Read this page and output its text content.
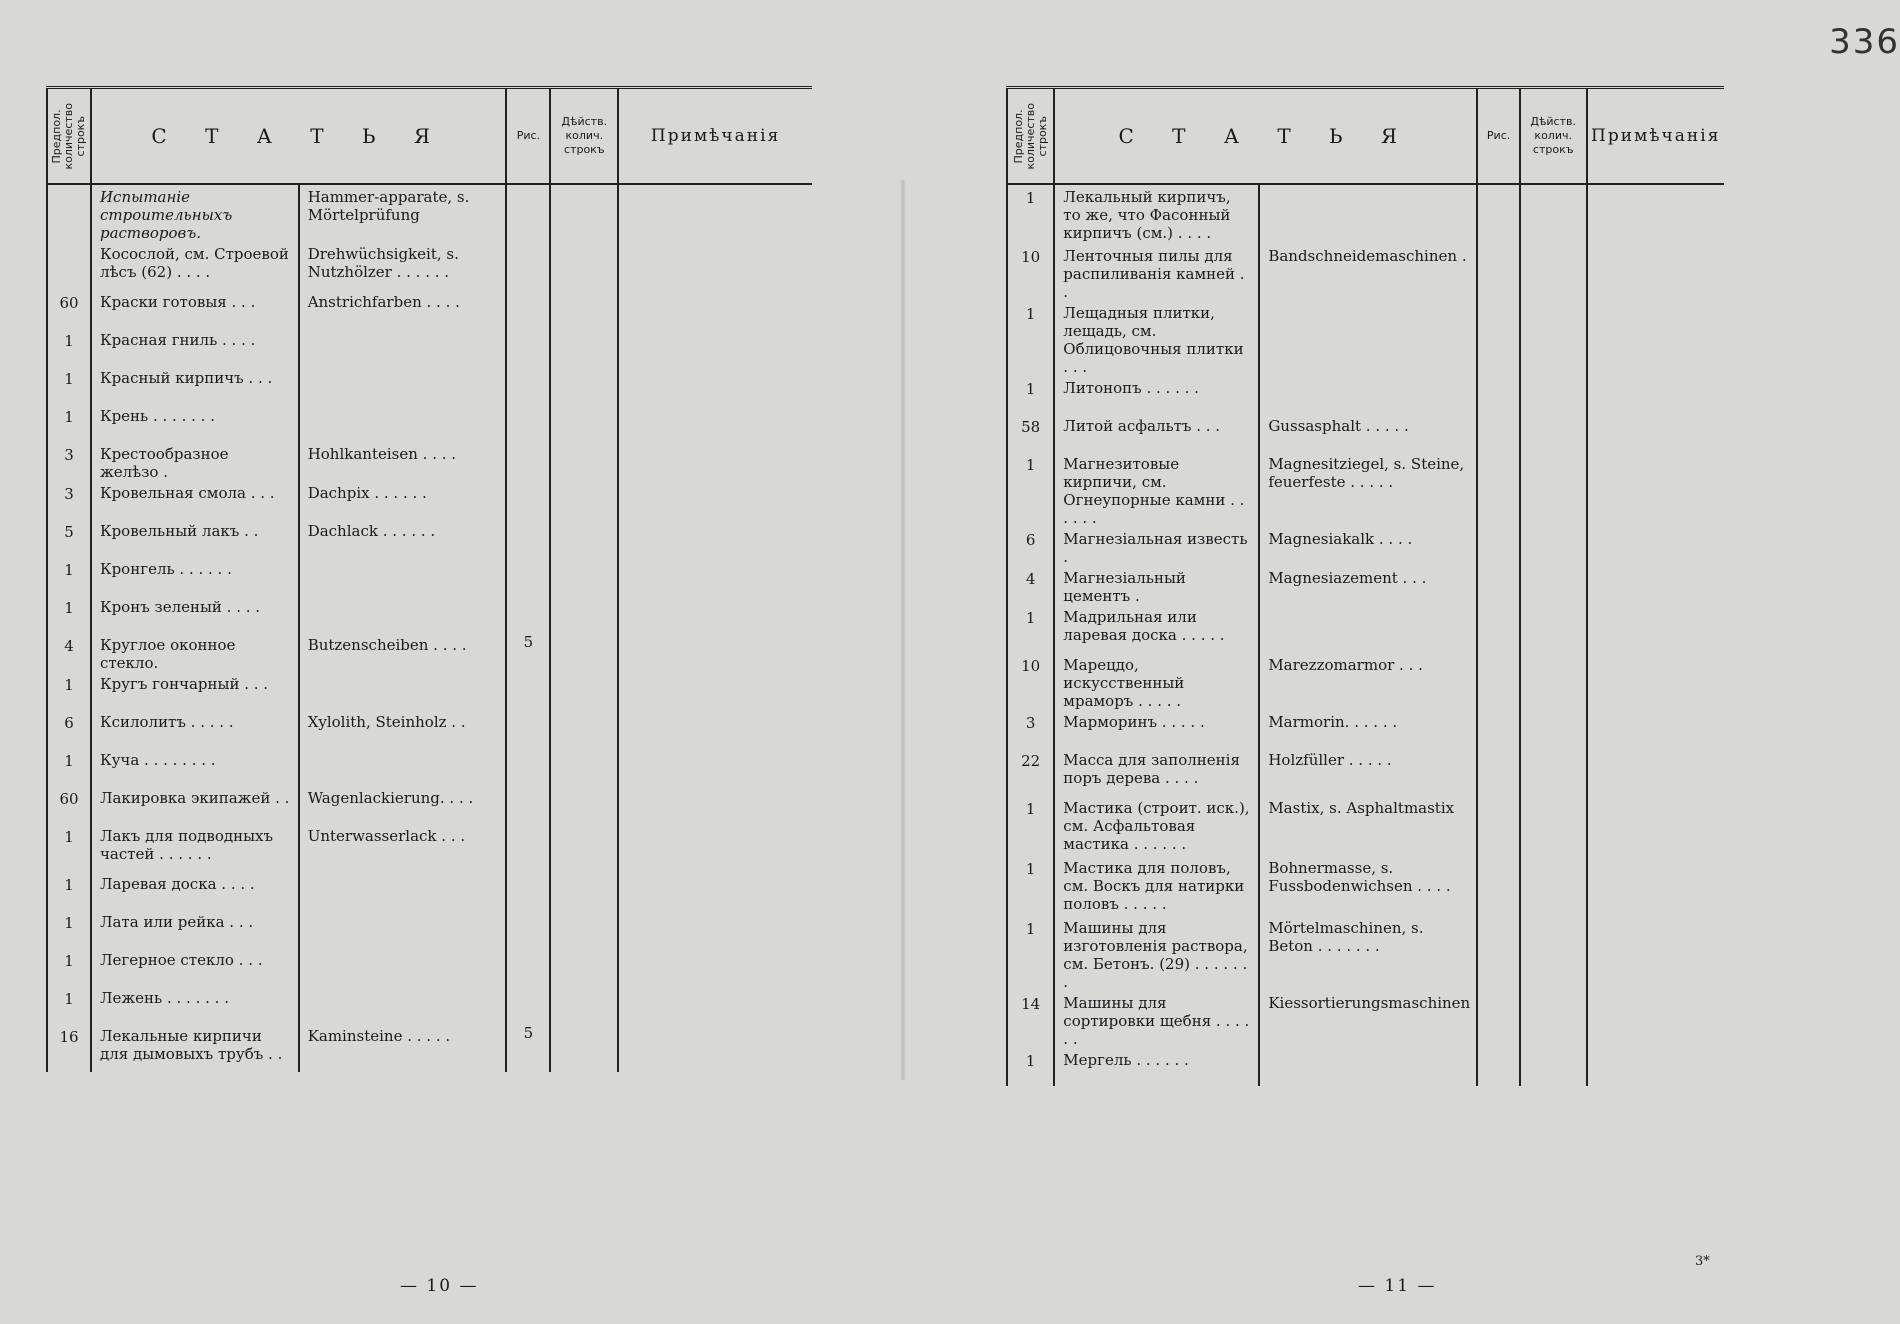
336
Предпол.
количество
строкъ	С Т А Т Ь Я		Рис.	Дѣйств.
колич.
строкъ	Примѣчанія

	Испытаніе строительныхъ растворовъ.	Hammer-apparate, s. Mörtelprüfung			
	Косослой, см. Строевой лѣсъ (62) . . . .	Drehwüchsigkeit, s. Nutzhölzer . . . . . .			
60	Краски готовыя . . .	Anstrichfarben . . . .			
1	Красная гниль . . . .				
1	Красный кирпичъ . . .				
1	Крень . . . . . . .				
3	Крестообразное желѣзо .	Hohlkanteisen . . . .			
3	Кровельная смола . . .	Dachpix . . . . . .			
5	Кровельный лакъ . .	Dachlack . . . . . .			
1	Кронгель . . . . . .				
1	Кронъ зеленый . . . .				
4	Круглое оконное стекло.	Butzenscheiben . . . .	5		
1	Кругъ гончарный . . .				
6	Ксилолитъ . . . . .	Xylolith, Steinholz . .			
1	Куча . . . . . . . .				
60	Лакировка экипажей . .	Wagenlackierung. . . .			
1	Лакъ для подводныхъ частей . . . . . .	Unterwasserlack . . .			
1	Ларевая доска . . . .				
1	Лата или рейка . . .				
1	Легерное стекло . . .				
1	Лежень . . . . . . .				
16	Лекальные кирпичи для дымовыхъ трубъ . .	Kaminsteine . . . . .	5		
— 10 —
Предпол.
количество
строкъ	С Т А Т Ь Я		Рис.	Дѣйств.
колич.
строкъ	Примѣчанія

1	Лекальный кирпичъ, то же, что Фасонный кирпичъ (см.) . . . .				
10	Ленточныя пилы для распиливанія камней . .	Bandschneidemaschinen .			
1	Лещадныя плитки, лещадь, см. Облицовочныя плитки . . .				
1	Литонопъ . . . . . .				
58	Литой асфальтъ . . .	Gussasphalt . . . . .			
1	Магнезитовые кирпичи, см. Огнеупорные камни . . . . . .	Magnesitziegel, s. Steine, feuerfeste . . . . .			
6	Магнезіальная известь .	Magnesiakalk . . . .			
4	Магнезіальный цементъ .	Magnesiazement . . .			
1	Мадрильная или ларевая доска . . . . .				
10	Марецдо, искусственный мраморъ . . . . .	Marezzomarmor . . .			
3	Марморинъ . . . . .	Marmorin. . . . . .			
22	Масса для заполненія поръ дерева . . . .	Holzfüller . . . . .			
1	Мастика (строит. иск.), см. Асфальтовая мастика . . . . . .	Mastix, s. Asphaltmastix			
1	Мастика для половъ, см. Воскъ для натирки половъ . . . . .	Bohnermasse, s. Fussbodenwichsen . . . .			
1	Машины для изготовленія раствора, см. Бетонъ. (29) . . . . . . .	Mörtelmaschinen, s. Beton . . . . . . .			
14	Машины для сортировки щебня . . . . . .	Kiessortierungsmaschinen			
1	Мергель . . . . . .				
— 11 —
3*
